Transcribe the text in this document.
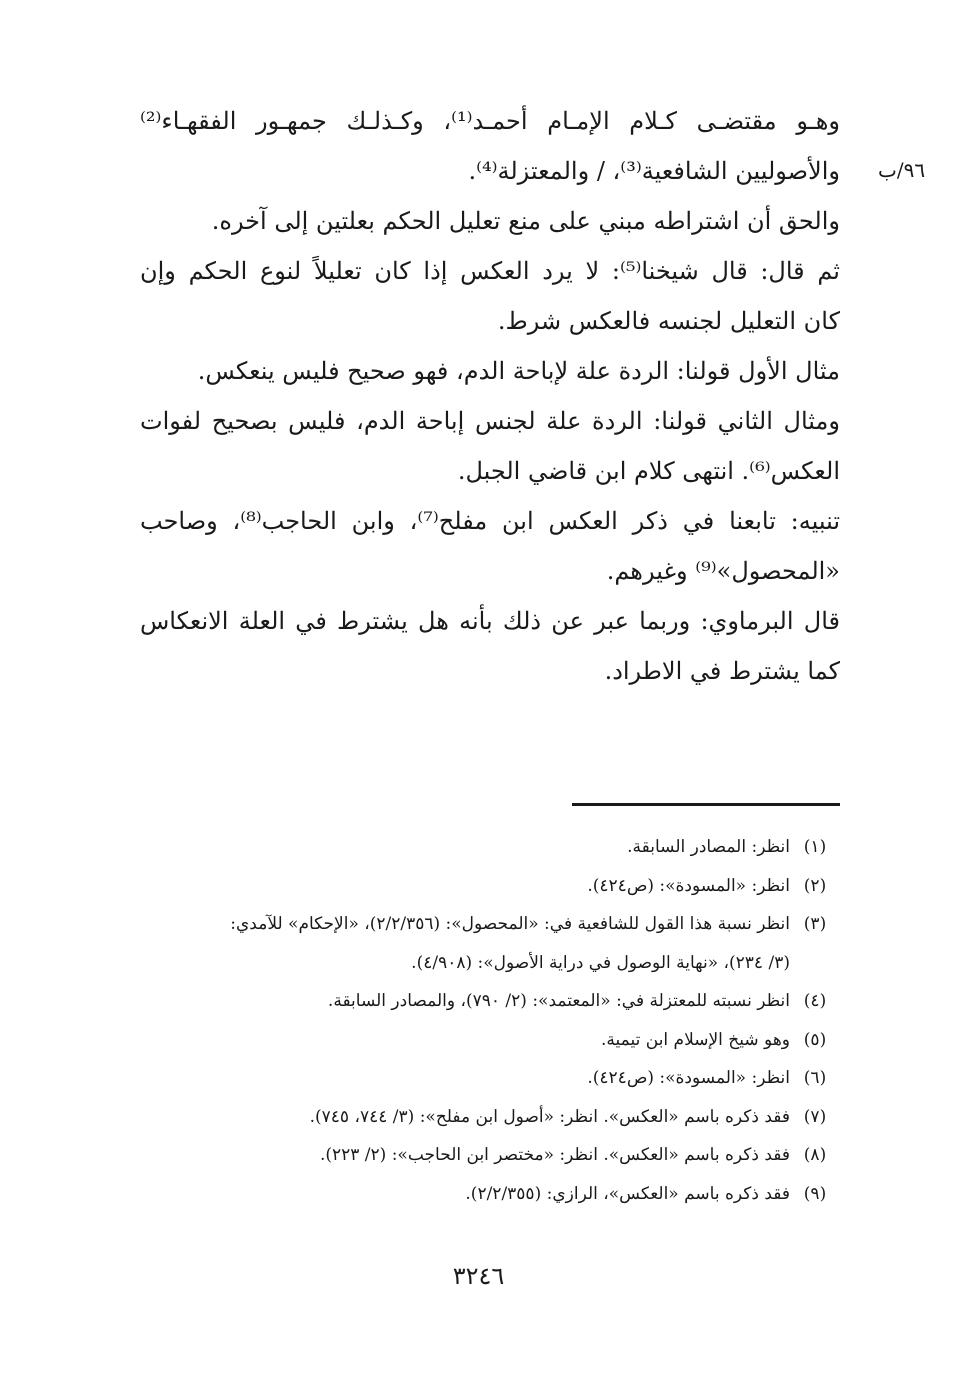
٩٦/ب
وهـو مقتضـى كـلام الإمـام أحمـد⁽¹⁾، وكـذلـك جمهـور الفقهـاء⁽²⁾
والأصوليين الشافعية⁽³⁾، / والمعتزلة⁽⁴⁾.
والحق أن اشتراطه مبني على منع تعليل الحكم بعلتين إلى آخره.
ثم قال: قال شيخنا⁽⁵⁾: لا يرد العكس إذا كان تعليلاً لنوع الحكم وإن
كان التعليل لجنسه فالعكس شرط.
مثال الأول قولنا: الردة علة لإباحة الدم، فهو صحيح فليس ينعكس.
ومثال الثاني قولنا: الردة علة لجنس إباحة الدم، فليس بصحيح لفوات
العكس⁽⁶⁾. انتهى كلام ابن قاضي الجبل.
تنبيه: تابعنا في ذكر العكس ابن مفلح⁽⁷⁾، وابن الحاجب⁽⁸⁾، وصاحب
«المحصول»⁽⁹⁾ وغيرهم.
قال البرماوي: وربما عبر عن ذلك بأنه هل يشترط في العلة الانعكاس
كما يشترط في الاطراد.
(١)
انظر: المصادر السابقة.
(٢)
انظر: «المسودة»: (ص٤٢٤).
(٣)
انظر نسبة هذا القول للشافعية في: «المحصول»: (٢/٢/٣٥٦)، «الإحكام» للآمدي:
(٣/ ٢٣٤)، «نهاية الوصول في دراية الأصول»: (٤/٩٠٨).
(٤)
انظر نسبته للمعتزلة في: «المعتمد»: (٢/ ٧٩٠)، والمصادر السابقة.
(٥)
وهو شيخ الإسلام ابن تيمية.
(٦)
انظر: «المسودة»: (ص٤٢٤).
(٧)
فقد ذكره باسم «العكس». انظر: «أصول ابن مفلح»: (٣/ ٧٤٤، ٧٤٥).
(٨)
فقد ذكره باسم «العكس». انظر: «مختصر ابن الحاجب»: (٢/ ٢٢٣).
(٩)
فقد ذكره باسم «العكس»، الرازي: (٢/٢/٣٥٥).
٣٢٤٦
